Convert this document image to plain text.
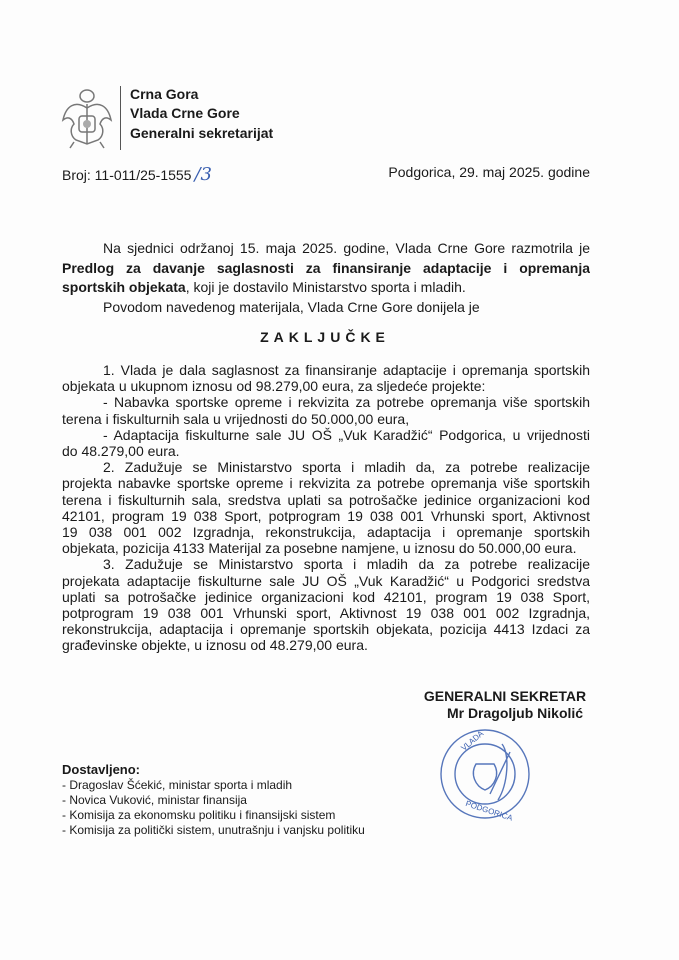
Crna Gora
Vlada Crne Gore
Generalni sekretarijat
Broj: 11-011/25-1555 /3	Podgorica, 29. maj 2025. godine
Na sjednici održanoj 15. maja 2025. godine, Vlada Crne Gore razmotrila je
Predlog za davanje saglasnosti za finansiranje adaptacije i opremanja
sportskih objekata, koji je dostavilo Ministarstvo sporta i mladih.
Povodom navedenog materijala, Vlada Crne Gore donijela je
ZAKLJUČKE
1. Vlada je dala saglasnost za finansiranje adaptacije i opremanja sportskih
objekata u ukupnom iznosu od 98.279,00 eura, za sljedeće projekte:
- Nabavka sportske opreme i rekvizita za potrebe opremanja više sportskih
terena i fiskulturnih sala u vrijednosti do 50.000,00 eura,
- Adaptacija fiskulturne sale JU OŠ „Vuk Karadžić“ Podgorica, u vrijednosti
do 48.279,00 eura.
2. Zadužuje se Ministarstvo sporta i mladih da, za potrebe realizacije
projekta nabavke sportske opreme i rekvizita za potrebe opremanja više sportskih
terena i fiskulturnih sala, sredstva uplati sa potrošačke jedinice organizacioni kod
42101, program 19 038 Sport, potprogram 19 038 001 Vrhunski sport, Aktivnost
19 038 001 002 Izgradnja, rekonstrukcija, adaptacija i opremanje sportskih
objekata, pozicija 4133 Materijal za posebne namjene, u iznosu do 50.000,00 eura.
3. Zadužuje se Ministarstvo sporta i mladih da za potrebe realizacije
projekata adaptacije fiskulturne sale JU OŠ „Vuk Karadžić“ u Podgorici sredstva
uplati sa potrošačke jedinice organizacioni kod 42101, program 19 038 Sport,
potprogram 19 038 001 Vrhunski sport, Aktivnost 19 038 001 002 Izgradnja,
rekonstrukcija, adaptacija i opremanje sportskih objekata, pozicija 4413 Izdaci za
građevinske objekte, u iznosu od 48.279,00 eura.
GENERALNI SEKRETAR
Mr Dragoljub Nikolić
PODGORICA
VLADA
Dostavljeno:
- Dragoslav Šćekić, ministar sporta i mladih
- Novica Vuković, ministar finansija
- Komisija za ekonomsku politiku i finansijski sistem
- Komisija za politički sistem, unutrašnju i vanjsku politiku
